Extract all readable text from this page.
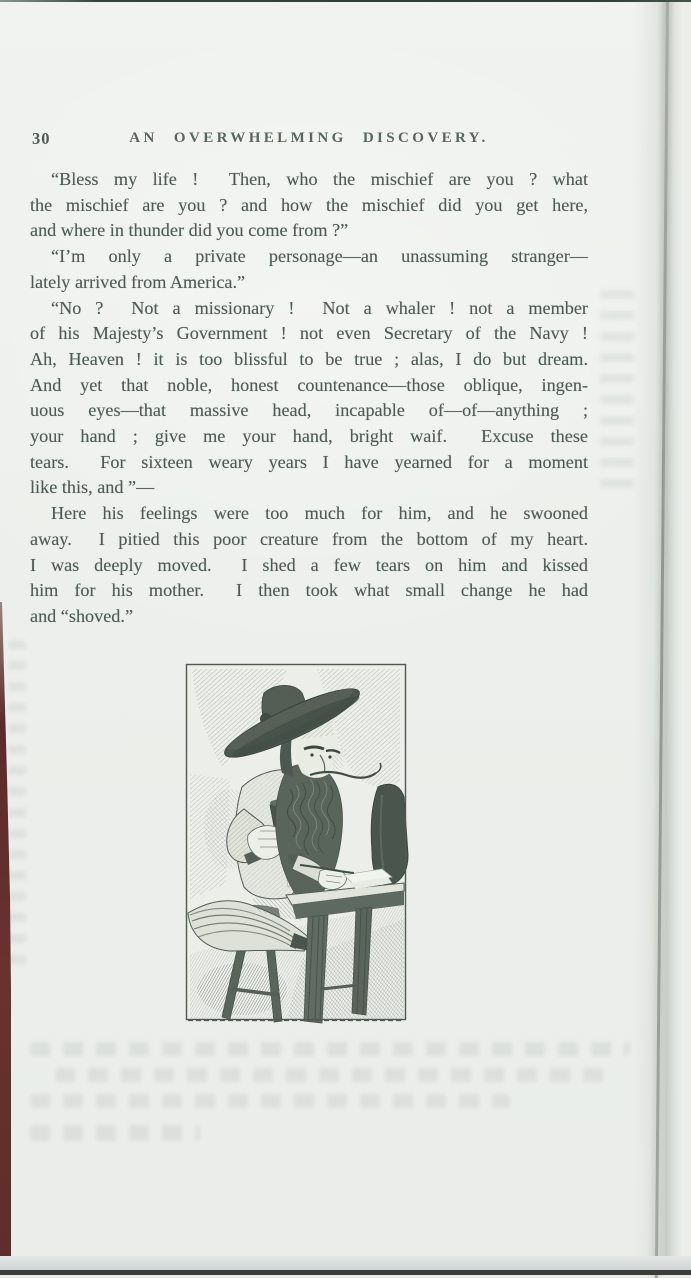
30	AN OVERWHELMING DISCOVERY.
“Bless my life !  Then, who the mischief are you ? what
the mischief are you ? and how the mischief did you get here,
and where in thunder did you come from ?”
“I’m only a private personage—an unassuming stranger—
lately arrived from America.”
“No ?  Not a missionary !  Not a whaler ! not a member
of his Majesty’s Government ! not even Secretary of the Navy !
Ah, Heaven ! it is too blissful to be true ; alas, I do but dream.
And yet that noble, honest countenance—those oblique, ingen-
uous eyes—that massive head, incapable of—of—anything ;
your hand ; give me your hand, bright waif.  Excuse these
tears.  For sixteen weary years I have yearned for a moment
like this, and ”—
Here his feelings were too much for him, and he swooned
away.  I pitied this poor creature from the bottom of my heart.
I was deeply moved.  I shed a few tears on him and kissed
him for his mother.  I then took what small change he had
and “shoved.”
